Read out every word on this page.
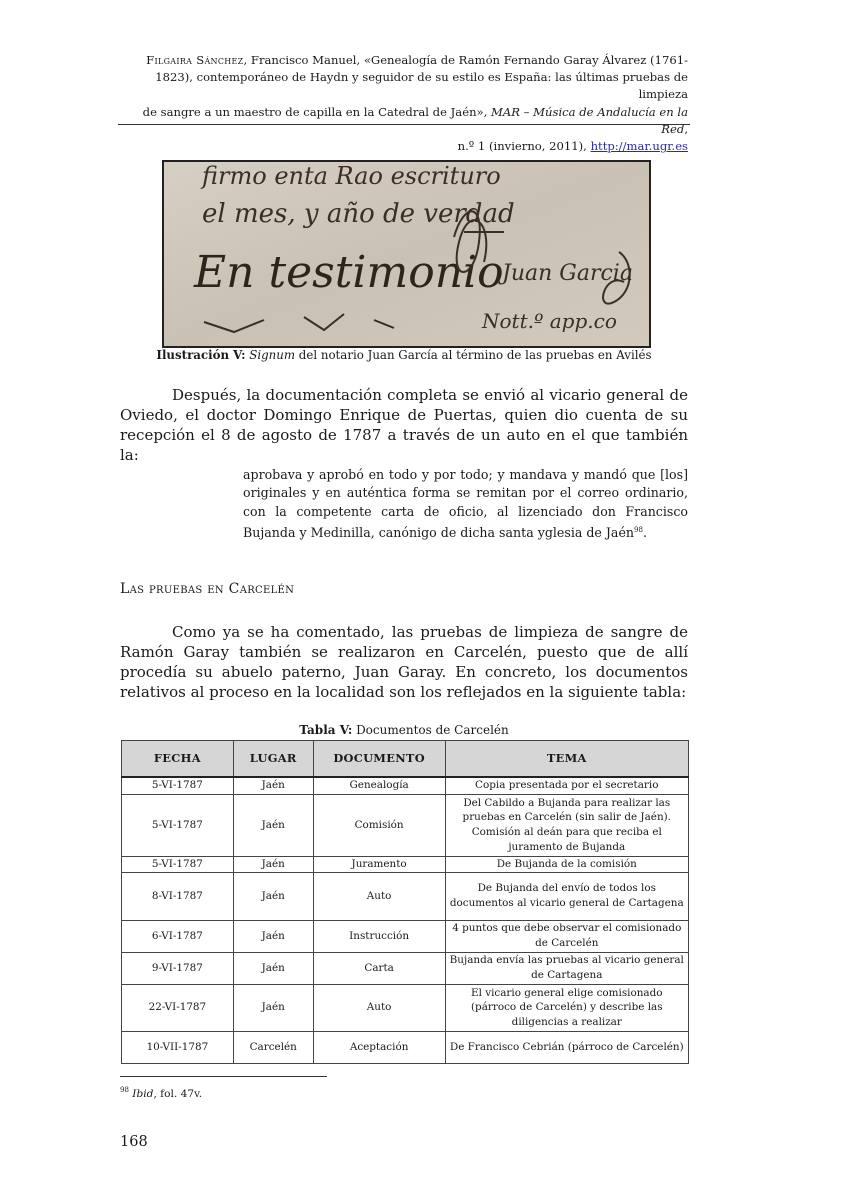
Filgaira Sánchez, Francisco Manuel, «Genealogía de Ramón Fernando Garay Álvarez (1761-
1823), contemporáneo de Haydn y seguidor de su estilo es España: las últimas pruebas de limpieza
de sangre a un maestro de capilla en la Catedral de Jaén», MAR – Música de Andalucía en la Red,
n.º 1 (invierno, 2011), http://mar.ugr.es
firmo enta Rao escrituro
el mes, y año de verdad
En testimonio
Juan Garcia
Nott.º app.co
Ilustración V: Signum del notario Juan García al término de las pruebas en Avilés
Después, la documentación completa se envió al vicario general de Oviedo, el doctor Domingo Enrique de Puertas, quien dio cuenta de su recepción el 8 de agosto de 1787 a través de un auto en el que también la:
aprobava y aprobó en todo y por todo; y mandava y mandó que [los] originales y en auténtica forma se remitan por el correo ordinario, con la competente carta de oficio, al lizenciado don Francisco Bujanda y Medinilla, canónigo de dicha santa yglesia de Jaén$^{98}$.
Las pruebas en Carcelén
Como ya se ha comentado, las pruebas de limpieza de sangre de Ramón Garay también se realizaron en Carcelén, puesto que de allí procedía su abuelo paterno, Juan Garay. En concreto, los documentos relativos al proceso en la localidad son los reflejados en la siguiente tabla:
Tabla V: Documentos de Carcelén
FECHA	LUGAR	DOCUMENTO	TEMA
5-VI-1787	Jaén	Genealogía	Copia presentada por el secretario
5-VI-1787	Jaén	Comisión	Del Cabildo a Bujanda para realizar las pruebas en Carcelén (sin salir de Jaén). Comisión al deán para que reciba el juramento de Bujanda
5-VI-1787	Jaén	Juramento	De Bujanda de la comisión
8-VI-1787	Jaén	Auto	De Bujanda del envío de todos los documentos al vicario general de Cartagena
6-VI-1787	Jaén	Instrucción	4 puntos que debe observar el comisionado de Carcelén
9-VI-1787	Jaén	Carta	Bujanda envía las pruebas al vicario general de Cartagena
22-VI-1787	Jaén	Auto	El vicario general elige comisionado (párroco de Carcelén) y describe las diligencias a realizar
10-VII-1787	Carcelén	Aceptación	De Francisco Cebrián (párroco de Carcelén)
$^{98}$ Ibid, fol. 47v.
168
